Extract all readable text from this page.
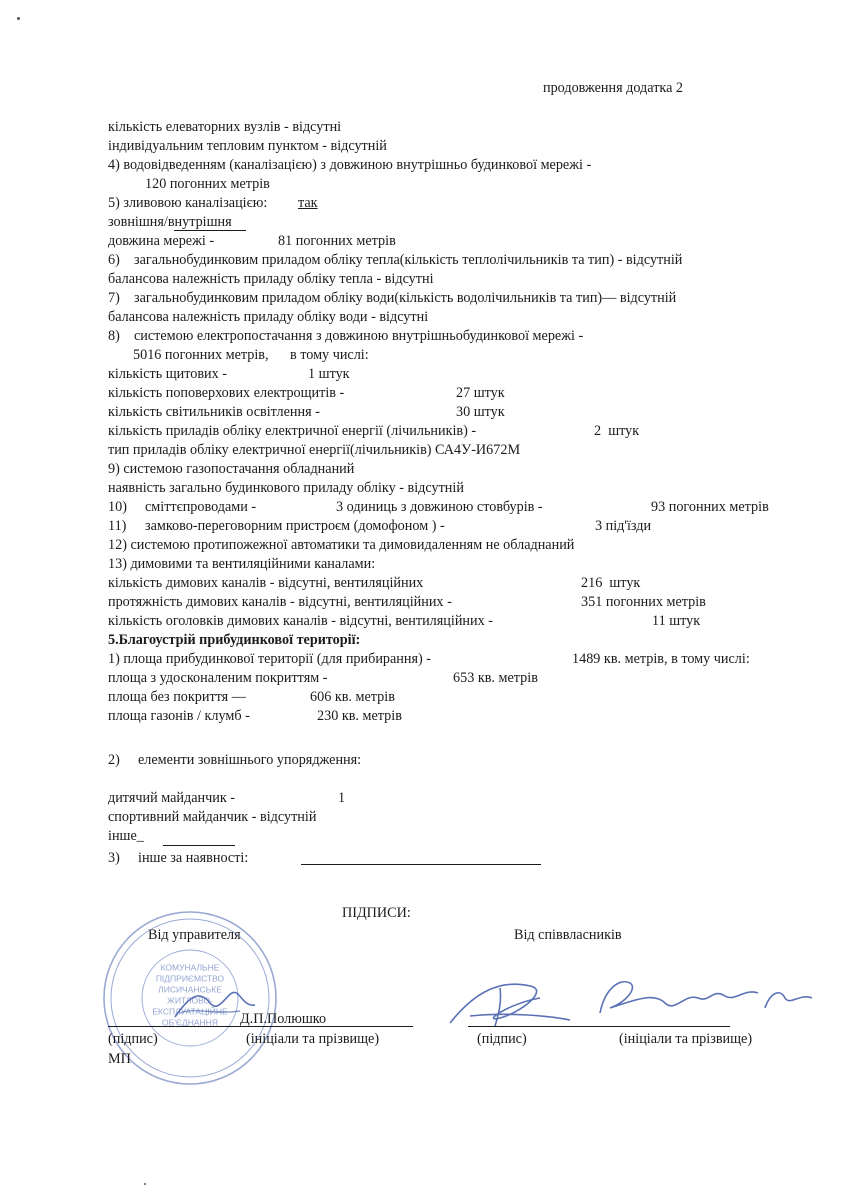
продовження додатка 2
кількість елеваторних вузлів - відсутні
індивідуальним тепловим пунктом - відсутній
4) водовідведенням (каналізацією) з довжиною внутрішньо будинкової мережі -
120 погонних метрів
5) зливовою каналізацією: так
зовнішня/внутрішня
довжина мережі -	81 погонних метрів
6) загальнобудинковим приладом обліку тепла(кількість теплолічильників та тип) - відсутній
балансова належність приладу обліку тепла - відсутні
7) загальнобудинковим приладом обліку води(кількість водолічильників та тип)— відсутній
балансова належність приладу обліку води - відсутні
8) системою електропостачання з довжиною внутрішньобудинкової мережі -
5016 погонних метрів, в тому числі:
кількість щитових -	1 штук
кількість поповерхових електрощитів -	27 штук
кількість світильників освітлення -	30 штук
кількість приладів обліку електричної енергії (лічильників) -	2  штук
тип приладів обліку електричної енергії(лічильників) СА4У-И672М
9) системою газопостачання обладнаний
наявність загально будинкового приладу обліку - відсутній
10) сміттєпроводами -	3 одиниць з довжиною стовбурів -	93 погонних метрів
11) замково-переговорним пристроєм (домофоном ) -	3 під'їзди
12) системою протипожежної автоматики та димовидаленням не обладнаний
13) димовими та вентиляційними каналами:
кількість димових каналів - відсутні, вентиляційних	216  штук
протяжність димових каналів - відсутні, вентиляційних -	351 погонних метрів
кількість оголовків димових каналів - відсутні, вентиляційних -	11 штук
5.Благоустрій прибудинкової території:
1) площа прибудинкової території (для прибирання) -	1489 кв. метрів, в тому числі:
площа з удосконаленим покриттям -	653 кв. метрів
площа без покриття —	606 кв. метрів
площа газонів / клумб -	230 кв. метрів
2) елементи зовнішнього упорядження:
дитячий майданчик -	1
спортивний майданчик - відсутній
інше_
3) інше за наявності:
ПІДПИСИ:
Від управителя	Від співвласників
КОМУНАЛЬНЕ
ПІДПРИЄМСТВО
ЛИСИЧАНСЬКЕ
ЖИТЛОВО-
ЕКСПЛУАТАЦІЙНЕ
ОБ'ЄДНАННЯ Д.П.Полюшко
(підпис)	(ініціали та прізвище)
МП
(підпис)	(ініціали та прізвище)
